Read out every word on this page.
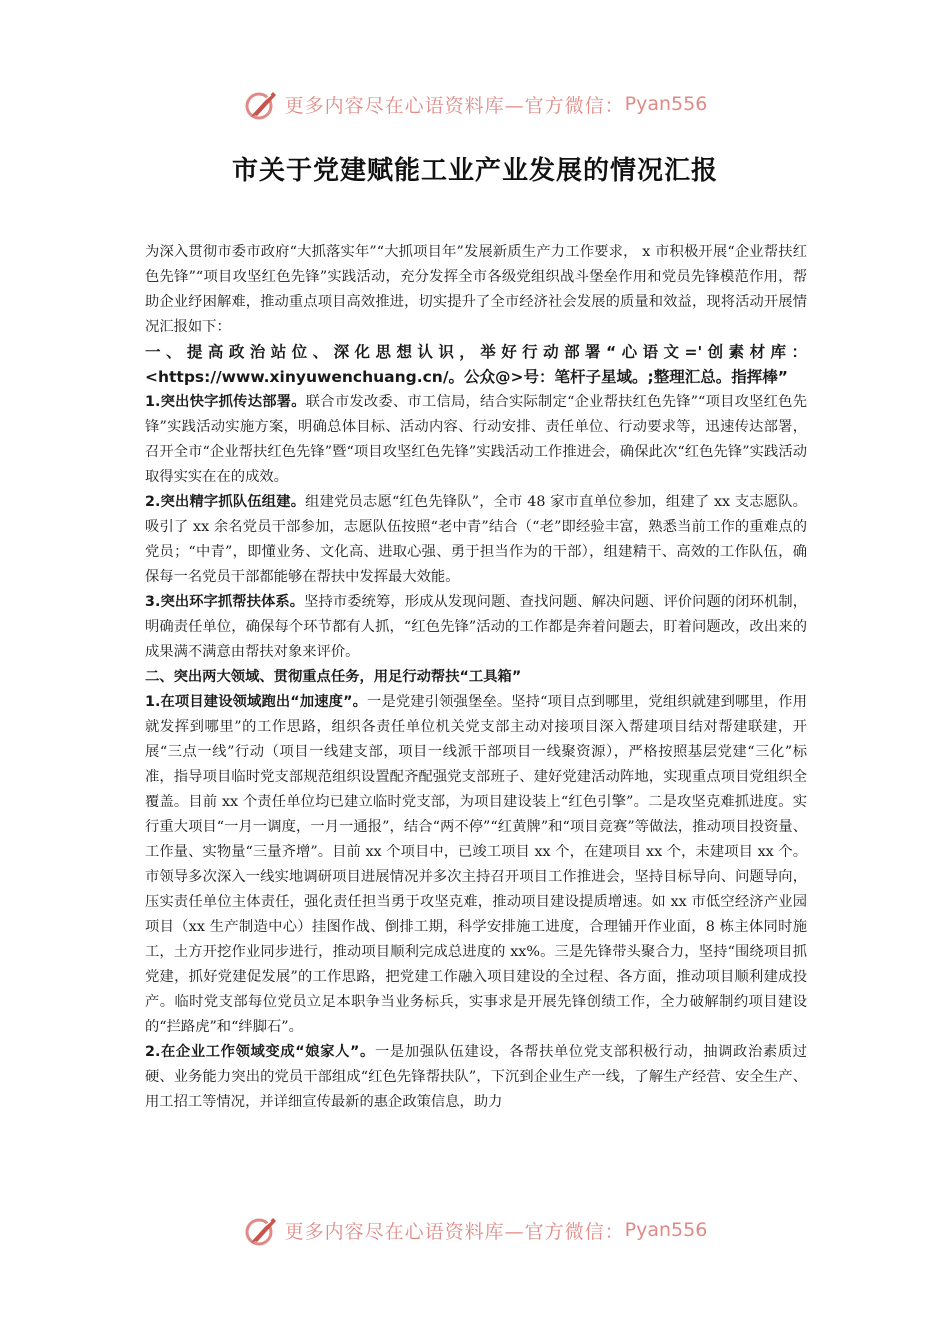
更多内容尽在心语资料库—官方微信： Pyan556
市关于党建赋能工业产业发展的情况汇报

为深入贯彻市委市政府“大抓落实年”“大抓项目年”发展新质生产力工作要求， x 市积极开展“企业帮扶红色先锋”“项目攻坚红色先锋”实践活动，充分发挥全市各级党组织战斗堡垒作用和党员先锋模范作用，帮助企业纾困解难，推动重点项目高效推进，切实提升了全市经济社会发展的质量和效益，现将活动开展情况汇报如下：

一、提高政治站位、深化思想认识，举好行动部署“心语文='创素材库：<https://www.xinyuwenchuang.cn/。公众@>号：笔杆子星域。;整理汇总。指挥棒”

1.突出快字抓传达部署。联合市发改委、市工信局，结合实际制定“企业帮扶红色先锋”“项目攻坚红色先锋”实践活动实施方案，明确总体目标、活动内容、行动安排、责任单位、行动要求等，迅速传达部署，召开全市“企业帮扶红色先锋”暨“项目攻坚红色先锋”实践活动工作推进会，确保此次“红色先锋”实践活动取得实实在在的成效。

2.突出精字抓队伍组建。组建党员志愿“红色先锋队”，全市 48 家市直单位参加，组建了 xx 支志愿队。吸引了 xx 余名党员干部参加，志愿队伍按照“老中青”结合（“老”即经验丰富，熟悉当前工作的重难点的党员；“中青”，即懂业务、文化高、进取心强、勇于担当作为的干部），组建精干、高效的工作队伍，确保每一名党员干部都能够在帮扶中发挥最大效能。

3.突出环字抓帮扶体系。坚持市委统筹，形成从发现问题、查找问题、解决问题、评价问题的闭环机制，明确责任单位，确保每个环节都有人抓，“红色先锋”活动的工作都是奔着问题去，盯着问题改，改出来的成果满不满意由帮扶对象来评价。

二、突出两大领域、贯彻重点任务，用足行动帮扶“工具箱”

1.在项目建设领域跑出“加速度”。一是党建引领强堡垒。坚持“项目点到哪里，党组织就建到哪里，作用就发挥到哪里”的工作思路，组织各责任单位机关党支部主动对接项目深入帮建项目结对帮建联建，开展“三点一线”行动（项目一线建支部，项目一线派干部项目一线聚资源），严格按照基层党建“三化”标准，指导项目临时党支部规范组织设置配齐配强党支部班子、建好党建活动阵地，实现重点项目党组织全覆盖。目前 xx 个责任单位均已建立临时党支部，为项目建设装上“红色引擎”。二是攻坚克难抓进度。实行重大项目“一月一调度，一月一通报”，结合“两不停”“红黄牌”和“项目竞赛”等做法，推动项目投资量、工作量、实物量“三量齐增”。目前 xx 个项目中，已竣工项目 xx 个，在建项目 xx 个，未建项目 xx 个。市领导多次深入一线实地调研项目进展情况并多次主持召开项目工作推进会，坚持目标导向、问题导向，压实责任单位主体责任，强化责任担当勇于攻坚克难，推动项目建设提质增速。如 xx 市低空经济产业园项目（xx 生产制造中心）挂图作战、倒排工期，科学安排施工进度，合理铺开作业面，8 栋主体同时施工，土方开挖作业同步进行，推动项目顺利完成总进度的 xx%。三是先锋带头聚合力，坚持“围绕项目抓党建，抓好党建促发展”的工作思路，把党建工作融入项目建设的全过程、各方面，推动项目顺利建成投产。临时党支部每位党员立足本职争当业务标兵，实事求是开展先锋创绩工作，全力破解制约项目建设的“拦路虎”和“绊脚石”。

2.在企业工作领域变成“娘家人”。一是加强队伍建设，各帮扶单位党支部积极行动，抽调政治素质过硬、业务能力突出的党员干部组成“红色先锋帮扶队”，下沉到企业生产一线，了解生产经营、安全生产、用工招工等情况，并详细宣传最新的惠企政策信息，助力

更多内容尽在心语资料库—官方微信： Pyan556
